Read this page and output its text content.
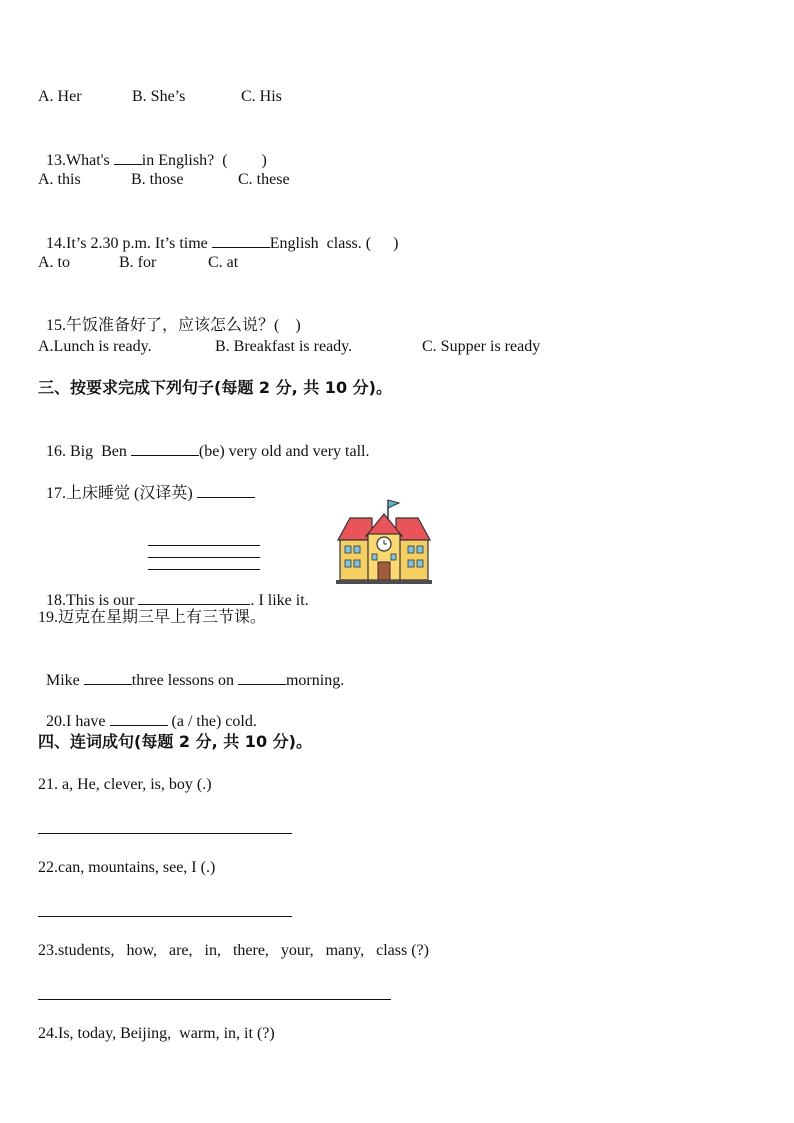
A. Her	B. She’s	C. His

13.What's in English?  ( )

A. this	B. those	C. these

14.It’s 2.30 p.m. It’s time	English  class. ( )

A. to	B. for	C. at

15.午饭准备好了，应该怎么说？( )

A.Lunch is ready.	B. Breakfast is ready.	C. Supper is ready
三、按要求完成下列句子(每题 2 分, 共 10 分)。

16. Big  Ben	(be) very old and very tall.

17.上床睡觉 (汉译英)

18.This is our	. I like it.

19.迈克在星期三早上有三节课。

Mike	three lessons on	morning.

20.I have	(a / the) cold.

四、连词成句(每题 2 分, 共 10 分)。
21. a, He, clever, is, boy (.)
22.can, mountains, see, I (.)
23.students,   how,   are,   in,   there,   your,   many,   class (?)
24.Is, today, Beijing,  warm, in, it (?)
